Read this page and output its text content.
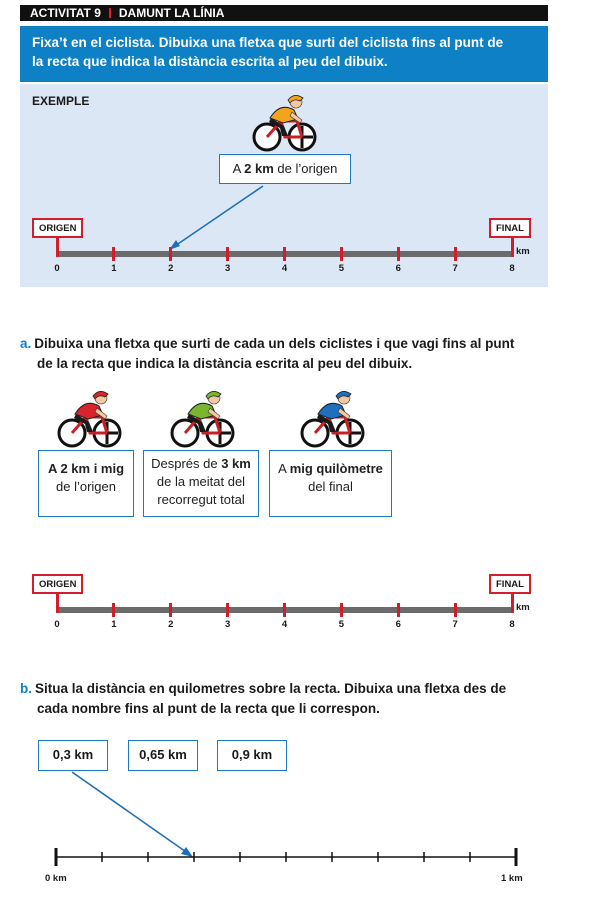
ACTIVITAT 9 DAMUNT LA LÍNIA
Fixa’t en el ciclista. Dibuixa una fletxa que surti del ciclista fins al punt de
la recta que indica la distància escrita al peu del dibuix.
EXEMPLE
A 2 km de l’origen
ORIGEN	FINAL
a. Dibuixa una fletxa que surti de cada un dels ciclistes i que vagi fins al punt
de la recta que indica la distància escrita al peu del dibuix.
A 2 km i mig
de l’origen
Després de 3 km
de la meitat del
recorregut total
A mig quilòmetre
del final
ORIGEN	FINAL
b. Situa la distància en quilometres sobre la recta. Dibuixa una fletxa des de
cada nombre fins al punt de la recta que li correspon.
0,3 km	0,65 km	0,9 km
0 km	1 km
0	1	2	3	4	5	6	7	8
km
0	1	2	3	4	5	6	7	8
km
